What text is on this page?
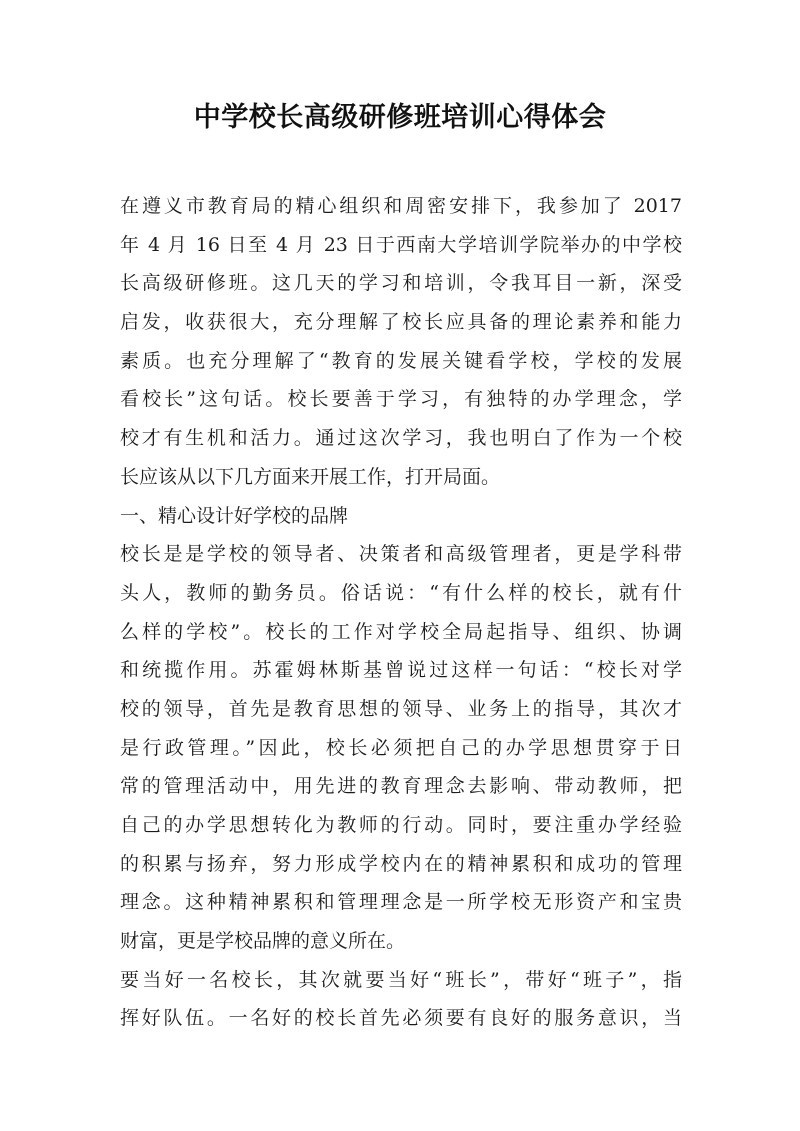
中学校长高级研修班培训心得体会
在遵义市教育局的精心组织和周密安排下，我参加了 2017
年 4 月 16 日至 4 月 23 日于西南大学培训学院举办的中学校
长高级研修班。这几天的学习和培训，令我耳目一新，深受
启发，收获很大，充分理解了校长应具备的理论素养和能力
素质。也充分理解了“教育的发展关键看学校，学校的发展
看校长”这句话。校长要善于学习，有独特的办学理念，学
校才有生机和活力。通过这次学习，我也明白了作为一个校
长应该从以下几方面来开展工作，打开局面。
一、精心设计好学校的品牌
校长是是学校的领导者、决策者和高级管理者，更是学科带
头人，教师的勤务员。俗话说：“有什么样的校长，就有什
么样的学校”。校长的工作对学校全局起指导、组织、协调
和统揽作用。苏霍姆林斯基曾说过这样一句话：“校长对学
校的领导，首先是教育思想的领导、业务上的指导，其次才
是行政管理。”因此，校长必须把自己的办学思想贯穿于日
常的管理活动中，用先进的教育理念去影响、带动教师，把
自己的办学思想转化为教师的行动。同时，要注重办学经验
的积累与扬弃，努力形成学校内在的精神累积和成功的管理
理念。这种精神累积和管理理念是一所学校无形资产和宝贵
财富，更是学校品牌的意义所在。
要当好一名校长，其次就要当好“班长”，带好“班子”，指
挥好队伍。一名好的校长首先必须要有良好的服务意识，当
